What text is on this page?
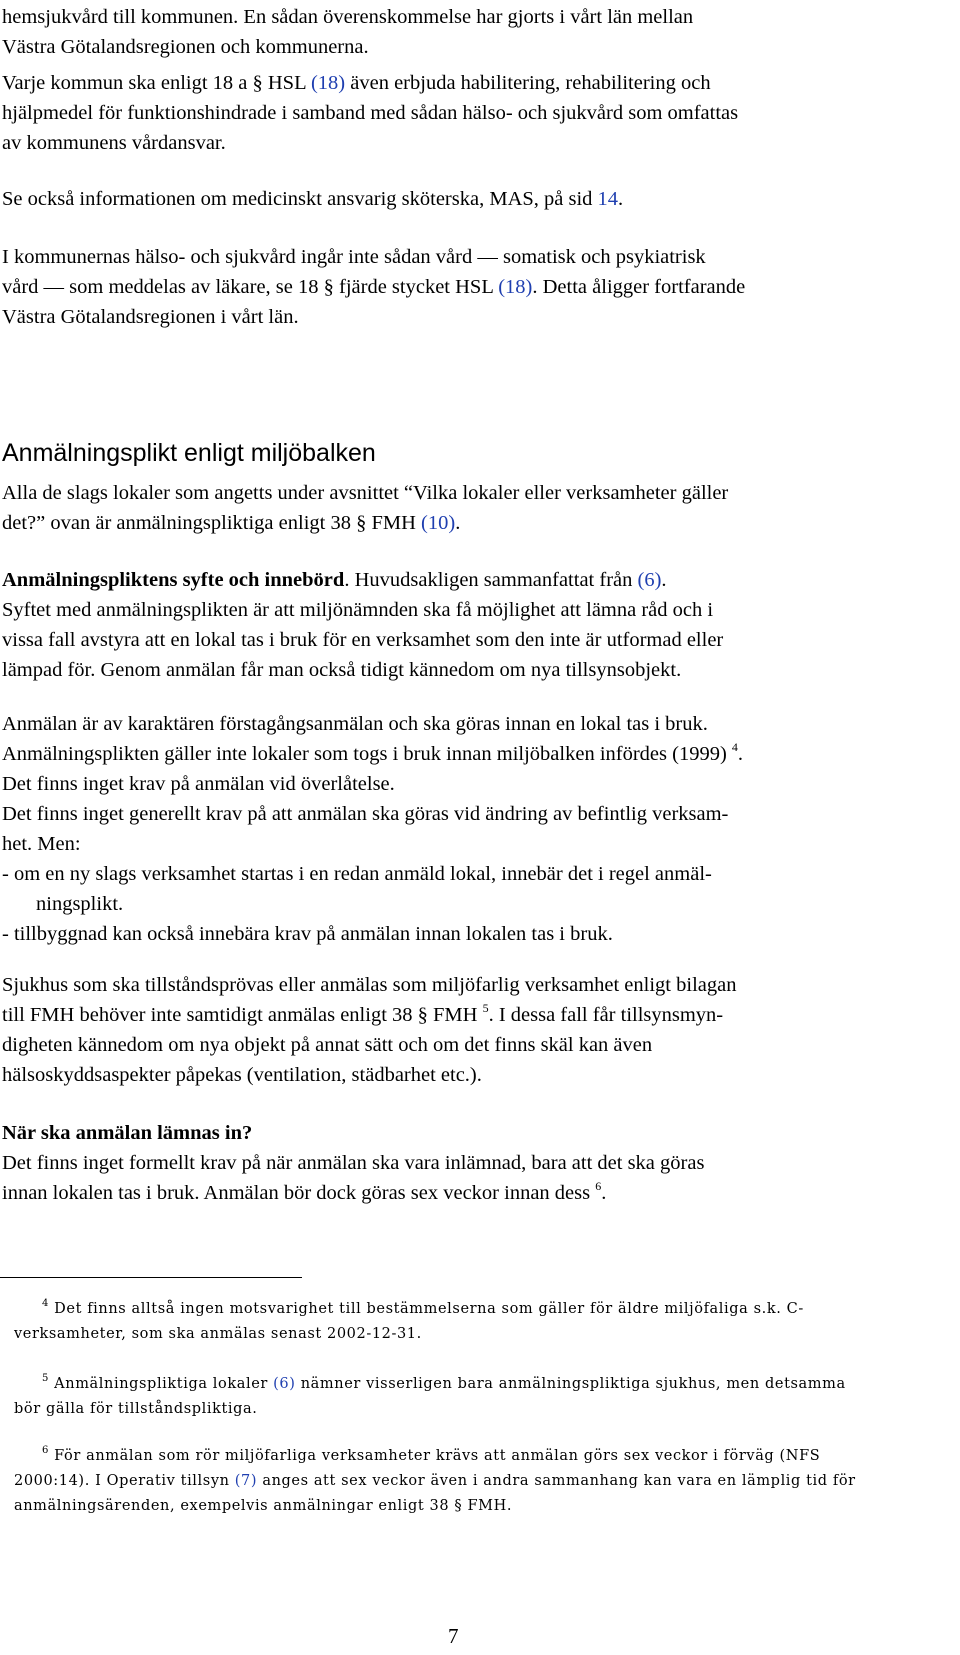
hemsjukvård till kommunen. En sådan överenskommelse har gjorts i vårt län mellan
Västra Götalandsregionen och kommunerna.

Varje kommun ska enligt 18 a § HSL (18) även erbjuda habilitering, rehabilitering och
hjälpmedel för funktionshindrade i samband med sådan hälso- och sjukvård som omfattas
av kommunens vårdansvar.

Se också informationen om medicinskt ansvarig sköterska, MAS, på sid 14.

I kommunernas hälso- och sjukvård ingår inte sådan vård — somatisk och psykiatrisk
vård — som meddelas av läkare, se 18 § fjärde stycket HSL (18). Detta åligger fortfarande
Västra Götalandsregionen i vårt län.

Anmälningsplikt enligt miljöbalken

Alla de slags lokaler som angetts under avsnittet “Vilka lokaler eller verksamheter gäller
det?” ovan är anmälningspliktiga enligt 38 § FMH (10).

Anmälningspliktens syfte och innebörd. Huvudsakligen sammanfattat från (6).
Syftet med anmälningsplikten är att miljönämnden ska få möjlighet att lämna råd och i
vissa fall avstyra att en lokal tas i bruk för en verksamhet som den inte är utformad eller
lämpad för. Genom anmälan får man också tidigt kännedom om nya tillsynsobjekt.

Anmälan är av karaktären förstagångsanmälan och ska göras innan en lokal tas i bruk.
Anmälningsplikten gäller inte lokaler som togs i bruk innan miljöbalken infördes (1999) $^4$.
Det finns inget krav på anmälan vid överlåtelse.
Det finns inget generellt krav på att anmälan ska göras vid ändring av befintlig verksam-
het. Men:
- om en ny slags verksamhet startas i en redan anmäld lokal, innebär det i regel anmäl-
ningsplikt.
- tillbyggnad kan också innebära krav på anmälan innan lokalen tas i bruk.

Sjukhus som ska tillståndsprövas eller anmälas som miljöfarlig verksamhet enligt bilagan
till FMH behöver inte samtidigt anmälas enligt 38 § FMH $^5$. I dessa fall får tillsynsmyn-
digheten kännedom om nya objekt på annat sätt och om det finns skäl kan även
hälsoskyddsaspekter påpekas (ventilation, städbarhet etc.).

När ska anmälan lämnas in?
Det finns inget formellt krav på när anmälan ska vara inlämnad, bara att det ska göras
innan lokalen tas i bruk. Anmälan bör dock göras sex veckor innan dess $^6$.

$^4$ Det finns alltså ingen motsvarighet till bestämmelserna som gäller för äldre miljöfaliga s.k. C-
verksamheter, som ska anmälas senast 2002-12-31.

$^5$ Anmälningspliktiga lokaler (6) nämner visserligen bara anmälningspliktiga sjukhus, men detsamma
bör gälla för tillståndspliktiga.

$^6$ För anmälan som rör miljöfarliga verksamheter krävs att anmälan görs sex veckor i förväg (NFS
2000:14). I Operativ tillsyn (7) anges att sex veckor även i andra sammanhang kan vara en lämplig tid för
anmälningsärenden, exempelvis anmälningar enligt 38 § FMH.

7
